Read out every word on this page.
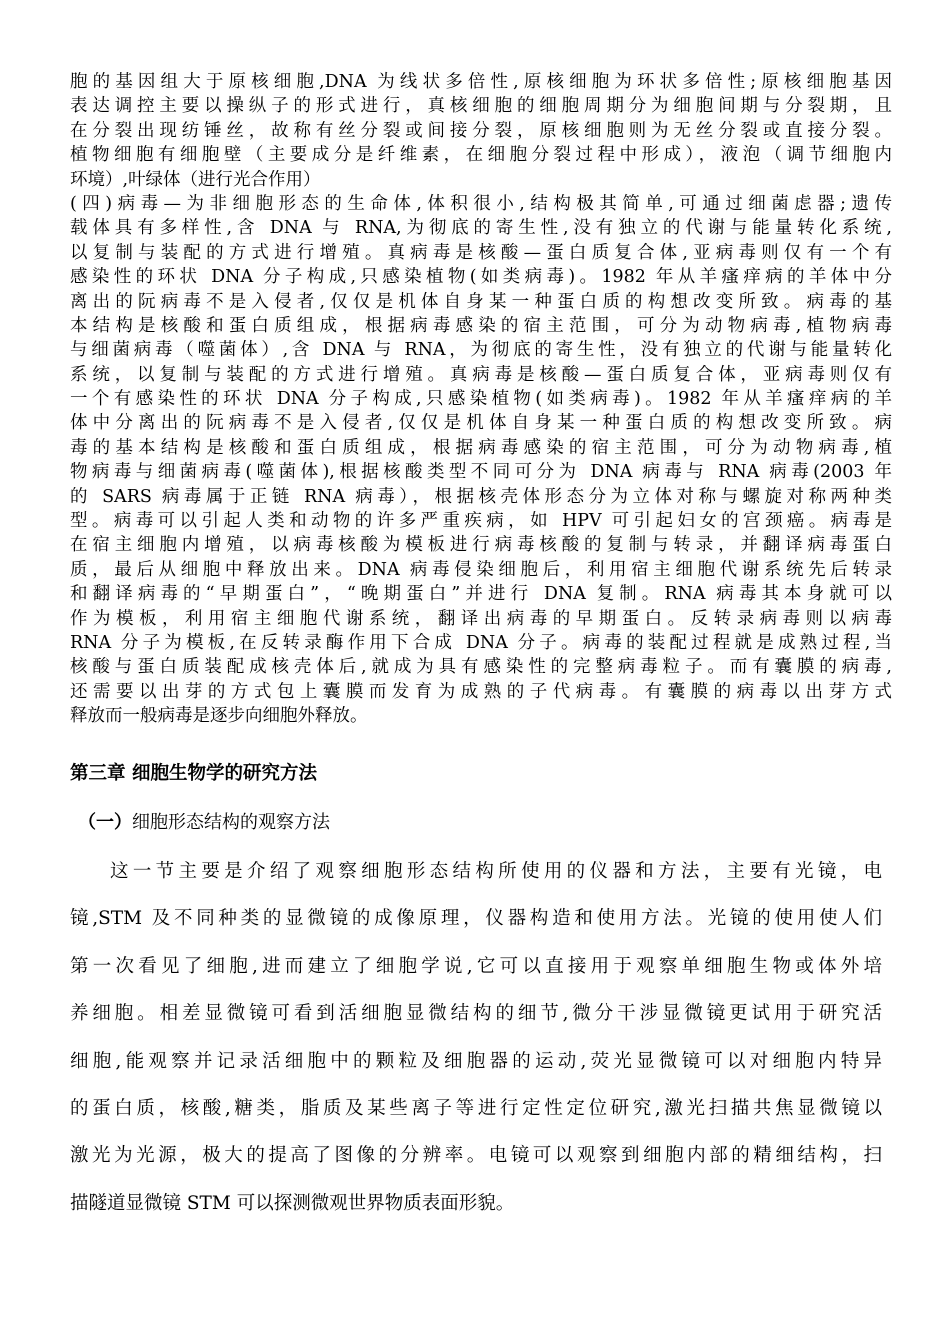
胞的基因组大于原核细胞,DNA 为线状多倍性,原核细胞为环状多倍性;原核细胞基因
表达调控主要以操纵子的形式进行，真核细胞的细胞周期分为细胞间期与分裂期，且
在分裂出现纺锤丝，故称有丝分裂或间接分裂，原核细胞则为无丝分裂或直接分裂。
植物细胞有细胞壁（主要成分是纤维素，在细胞分裂过程中形成），液泡（调节细胞内
环境）,叶绿体（进行光合作用）
(四)病毒—为非细胞形态的生命体,体积很小,结构极其简单,可通过细菌虑器;遗传
载体具有多样性,含 DNA 与 RNA,为彻底的寄生性,没有独立的代谢与能量转化系统,
以复制与装配的方式进行增殖。真病毒是核酸—蛋白质复合体,亚病毒则仅有一个有
感染性的环状 DNA 分子构成,只感染植物(如类病毒)。1982 年从羊瘙痒病的羊体中分
离出的阮病毒不是入侵者,仅仅是机体自身某一种蛋白质的构想改变所致。病毒的基
本结构是核酸和蛋白质组成，根据病毒感染的宿主范围，可分为动物病毒,植物病毒
与细菌病毒（噬菌体）,含 DNA 与 RNA，为彻底的寄生性，没有独立的代谢与能量转化
系统，以复制与装配的方式进行增殖。真病毒是核酸—蛋白质复合体，亚病毒则仅有
一个有感染性的环状 DNA 分子构成,只感染植物(如类病毒)。1982 年从羊瘙痒病的羊
体中分离出的阮病毒不是入侵者,仅仅是机体自身某一种蛋白质的构想改变所致。病
毒的基本结构是核酸和蛋白质组成，根据病毒感染的宿主范围，可分为动物病毒,植
物病毒与细菌病毒(噬菌体),根据核酸类型不同可分为 DNA 病毒与 RNA 病毒(2003 年
的 SARS 病毒属于正链 RNA 病毒），根据核壳体形态分为立体对称与螺旋对称两种类
型。病毒可以引起人类和动物的许多严重疾病，如 HPV 可引起妇女的宫颈癌。病毒是
在宿主细胞内增殖，以病毒核酸为模板进行病毒核酸的复制与转录，并翻译病毒蛋白
质，最后从细胞中释放出来。DNA 病毒侵染细胞后，利用宿主细胞代谢系统先后转录
和翻译病毒的“早期蛋白”，“晚期蛋白”并进行 DNA 复制。RNA 病毒其本身就可以
作为模板，利用宿主细胞代谢系统，翻译出病毒的早期蛋白。反转录病毒则以病毒
RNA 分子为模板,在反转录酶作用下合成 DNA 分子。病毒的装配过程就是成熟过程,当
核酸与蛋白质装配成核壳体后,就成为具有感染性的完整病毒粒子。而有囊膜的病毒,
还需要以出芽的方式包上囊膜而发育为成熟的子代病毒。有囊膜的病毒以出芽方式
释放而一般病毒是逐步向细胞外释放。
第三章 细胞生物学的研究方法
（一）细胞形态结构的观察方法
这一节主要是介绍了观察细胞形态结构所使用的仪器和方法，主要有光镜，电
镜,STM 及不同种类的显微镜的成像原理，仪器构造和使用方法。光镜的使用使人们
第一次看见了细胞,进而建立了细胞学说,它可以直接用于观察单细胞生物或体外培
养细胞。相差显微镜可看到活细胞显微结构的细节,微分干涉显微镜更试用于研究活
细胞,能观察并记录活细胞中的颗粒及细胞器的运动,荧光显微镜可以对细胞内特异
的蛋白质，核酸,糖类，脂质及某些离子等进行定性定位研究,激光扫描共焦显微镜以
激光为光源，极大的提高了图像的分辨率。电镜可以观察到细胞内部的精细结构，扫
描隧道显微镜 STM 可以探测微观世界物质表面形貌。
